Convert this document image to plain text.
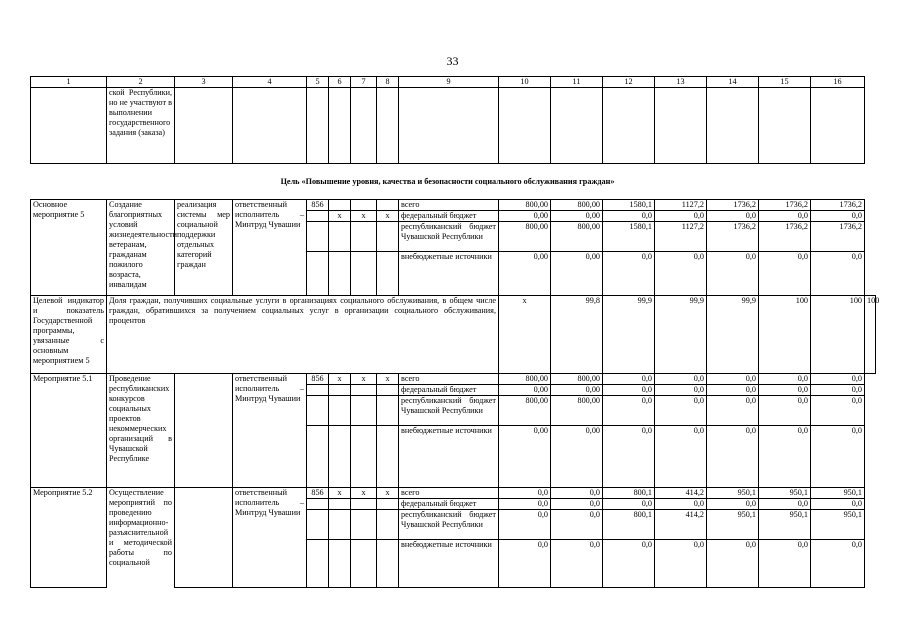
33
1	2	3	4	5	6	7	8	9	10	11	12	13	14	15	16	
	ской Республики, но не участвуют в выполнении государственного задания (заказа)															
Цель «Повышение уровня, качества и безопасности социального обслуживания граждан»																
Основное мероприятие 5	Создание благоприятных условий жизнедеятельности ветеранам, гражданам пожилого возраста, инвалидам	реализация системы мер социальной поддержки отдельных категорий граждан	ответственный исполнитель – Минтруд Чувашии	856				всего	800,00	800,00	1580,1	1127,2	1736,2	1736,2	1736,2	
					x	x	x	федеральный бюджет	0,00	0,00	0,0	0,0	0,0	0,0	0,0	
								республиканский бюджет Чувашской Республики	800,00	800,00	1580,1	1127,2	1736,2	1736,2	1736,2	
								внебюджетные источники	0,00	0,00	0,0	0,0	0,0	0,0	0,0	
Целевой индикатор и показатель Государственной программы, увязанные с основным мероприятием 5	Доля граждан, получивших социальные услуги в организациях социального обслуживания, в общем числе граждан, обратившихся за получением социальных услуг в организации социального обслуживания, процентов								x	99,8	99,9	99,9	99,9	100	100	100
Мероприятие 5.1	Проведение республиканских конкурсов социальных проектов некоммерческих организаций в Чувашской Республике		ответственный исполнитель – Минтруд Чувашии	856	x	x	x	всего	800,00	800,00	0,0	0,0	0,0	0,0	0,0	
								федеральный бюджет	0,00	0,00	0,0	0,0	0,0	0,0	0,0	
								республиканский бюджет Чувашской Республики	800,00	800,00	0,0	0,0	0,0	0,0	0,0	
								внебюджетные источники	0,00	0,00	0,0	0,0	0,0	0,0	0,0	
Мероприятие 5.2	Осуществление мероприятий по проведению информационно-разъяснительной и методической работы по социальной		ответственный исполнитель – Минтруд Чувашии	856	x	x	x	всего	0,0	0,0	800,1	414,2	950,1	950,1	950,1	
								федеральный бюджет	0,0	0,0	0,0	0,0	0,0	0,0	0,0	
								республиканский бюджет Чувашской Республики	0,0	0,0	800,1	414,2	950,1	950,1	950,1	
								внебюджетные источники	0,0	0,0	0,0	0,0	0,0	0,0	0,0	
